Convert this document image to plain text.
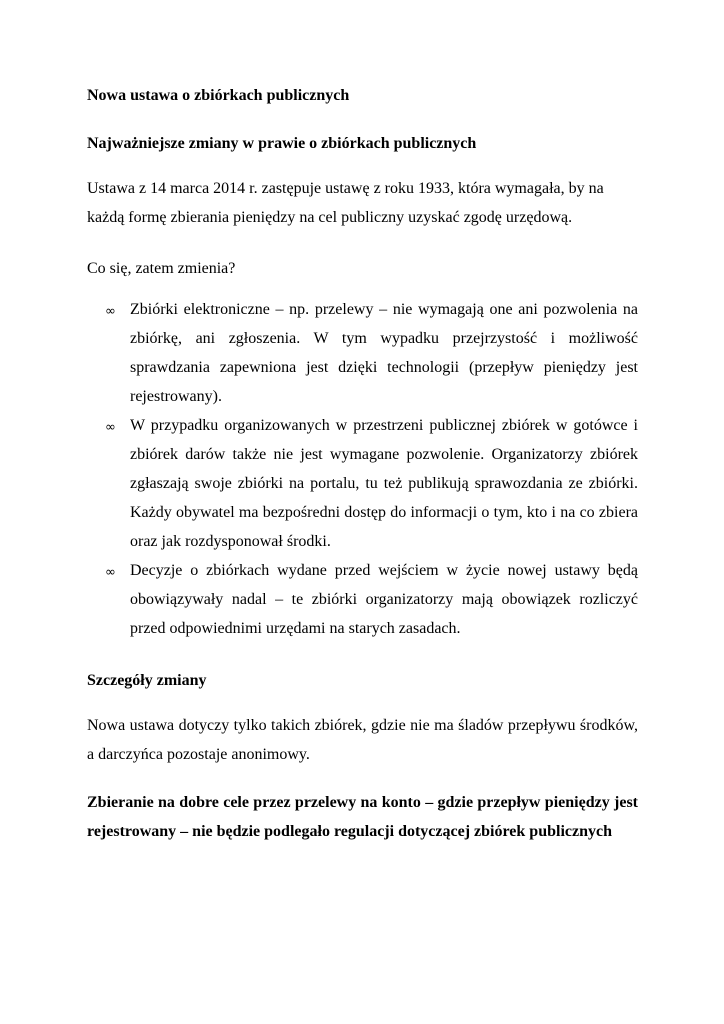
Nowa ustawa o zbiórkach publicznych
Najważniejsze zmiany w prawie o zbiórkach publicznych
Ustawa z 14 marca 2014 r. zastępuje ustawę z roku 1933, która wymagała, by na każdą formę zbierania pieniędzy na cel publiczny uzyskać zgodę urzędową.
Co się, zatem zmienia?
∞ Zbiórki elektroniczne – np. przelewy – nie wymagają one ani pozwolenia na zbiórkę, ani zgłoszenia. W tym wypadku przejrzystość i możliwość sprawdzania zapewniona jest dzięki technologii (przepływ pieniędzy jest rejestrowany).
∞ W przypadku organizowanych w przestrzeni publicznej zbiórek w gotówce i zbiórek darów także nie jest wymagane pozwolenie. Organizatorzy zbiórek zgłaszają swoje zbiórki na portalu, tu też publikują sprawozdania ze zbiórki. Każdy obywatel ma bezpośredni dostęp do informacji o tym, kto i na co zbiera oraz jak rozdysponował środki.
∞ Decyzje o zbiórkach wydane przed wejściem w życie nowej ustawy będą obowiązywały nadal – te zbiórki organizatorzy mają obowiązek rozliczyć przed odpowiednimi urzędami na starych zasadach.
Szczegóły zmiany
Nowa ustawa dotyczy tylko takich zbiórek, gdzie nie ma śladów przepływu środków, a darczyńca pozostaje anonimowy.
Zbieranie na dobre cele przez przelewy na konto – gdzie przepływ pieniędzy jest rejestrowany – nie będzie podlegało regulacji dotyczącej zbiórek publicznych
